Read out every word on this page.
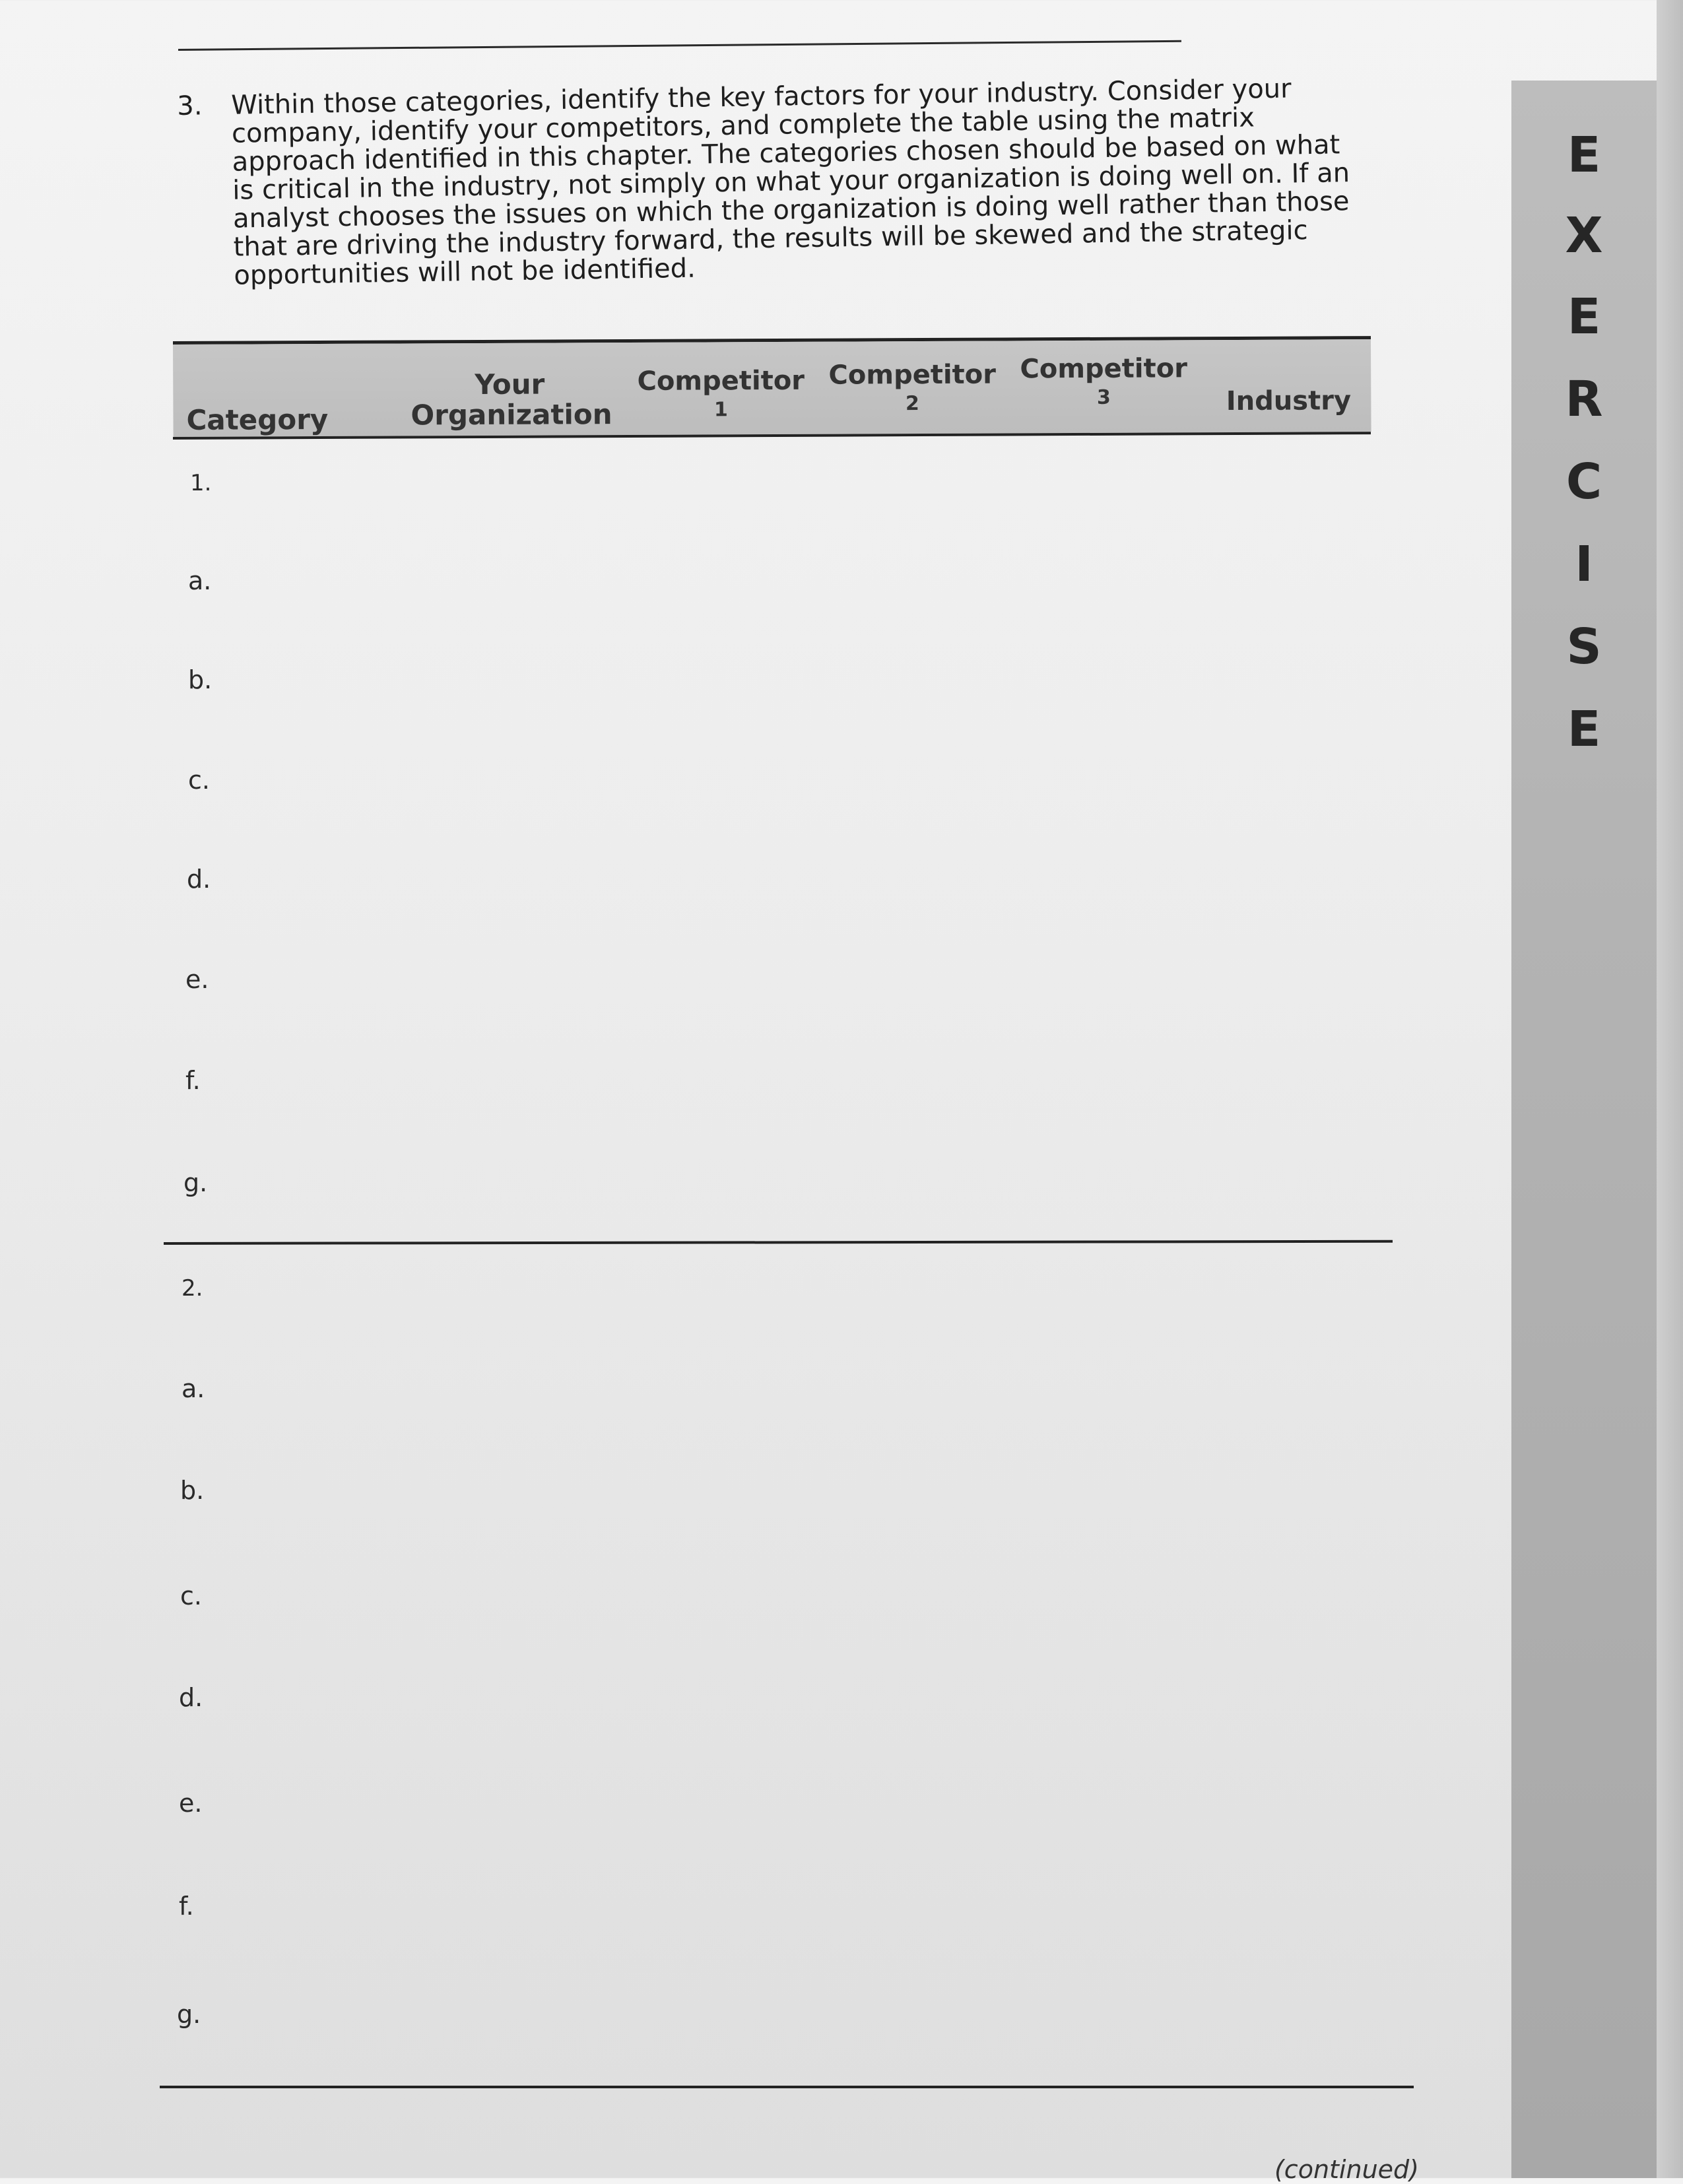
3.	Within those categories, identify the key factors for your industry. Consider your company, identify your competitors, and complete the table using the matrix approach identified in this chapter. The categories chosen should be based on what is critical in the industry, not simply on what your organization is doing well on. If an analyst chooses the issues on which the organization is doing well rather than those that are driving the industry forward, the results will be skewed and the strategic opportunities will not be identified.
Category
Your
Organization
Competitor
1
Competitor
2
Competitor
3	Industry
1.
a.
b.
c.
d.
e.
f.
g.
2.
a.
b.
c.
d.
e.
f.
g.
(continued)
E
X
E
R
C
I
S
E
